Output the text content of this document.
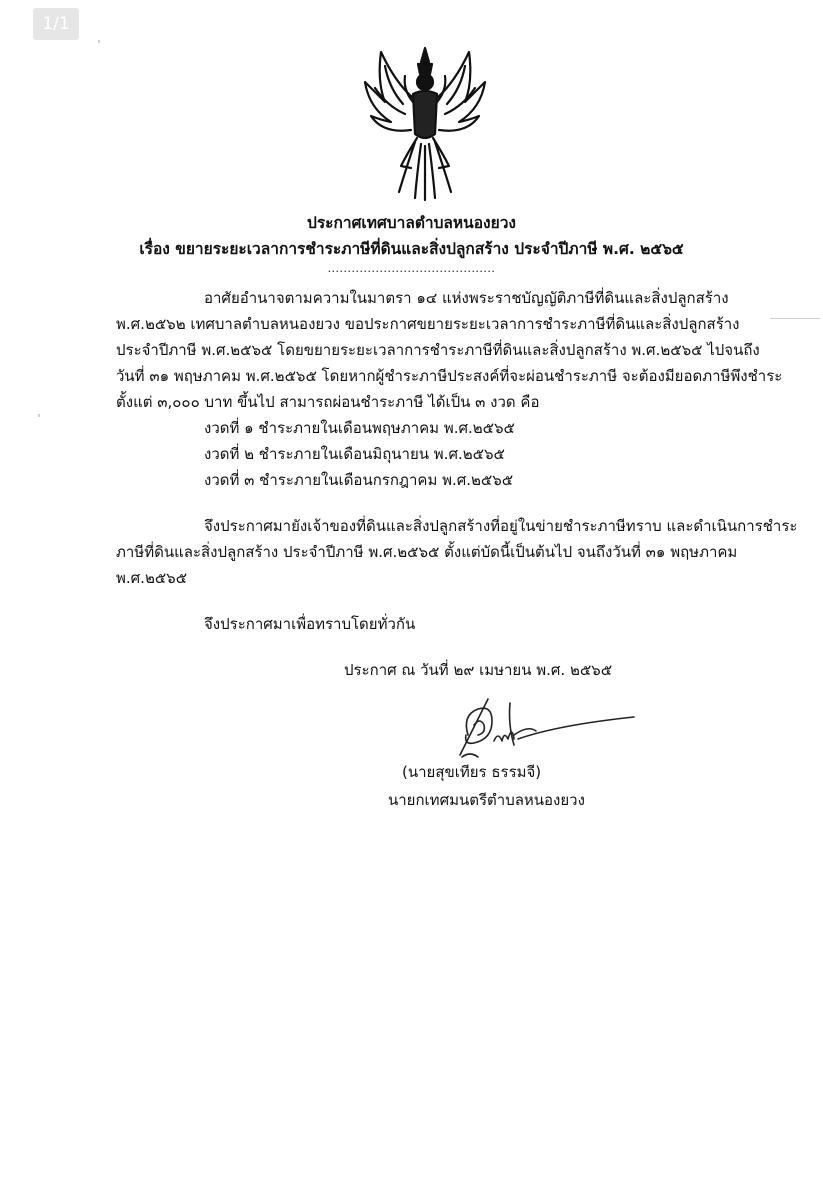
1/1
ประกาศเทศบาลตำบลหนองยวง
เรื่อง ขยายระยะเวลาการชำระภาษีที่ดินและสิ่งปลูกสร้าง ประจำปีภาษี พ.ศ. ๒๕๖๕
..........................................
อาศัยอำนาจตามความในมาตรา ๑๔ แห่งพระราชบัญญัติภาษีที่ดินและสิ่งปลูกสร้าง
พ.ศ.๒๕๖๒ เทศบาลตำบลหนองยวง ขอประกาศขยายระยะเวลาการชำระภาษีที่ดินและสิ่งปลูกสร้าง
ประจำปีภาษี พ.ศ.๒๕๖๕ โดยขยายระยะเวลาการชำระภาษีที่ดินและสิ่งปลูกสร้าง พ.ศ.๒๕๖๕ ไปจนถึง
วันที่ ๓๑ พฤษภาคม พ.ศ.๒๕๖๕ โดยหากผู้ชำระภาษีประสงค์ที่จะผ่อนชำระภาษี จะต้องมียอดภาษีพึงชำระ
ตั้งแต่ ๓,๐๐๐ บาท ขึ้นไป สามารถผ่อนชำระภาษี ได้เป็น ๓ งวด คือ
งวดที่ ๑ ชำระภายในเดือนพฤษภาคม พ.ศ.๒๕๖๕
งวดที่ ๒ ชำระภายในเดือนมิถุนายน พ.ศ.๒๕๖๕
งวดที่ ๓ ชำระภายในเดือนกรกฎาคม พ.ศ.๒๕๖๕
จึงประกาศมายังเจ้าของที่ดินและสิ่งปลูกสร้างที่อยู่ในข่ายชำระภาษีทราบ และดำเนินการชำระ
ภาษีที่ดินและสิ่งปลูกสร้าง ประจำปีภาษี พ.ศ.๒๕๖๕ ตั้งแต่บัดนี้เป็นต้นไป จนถึงวันที่ ๓๑ พฤษภาคม
พ.ศ.๒๕๖๕
จึงประกาศมาเพื่อทราบโดยทั่วกัน
ประกาศ ณ วันที่ ๒๙ เมษายน พ.ศ. ๒๕๖๕
(นายสุขเทียร ธรรมจี)
นายกเทศมนตรีตำบลหนองยวง
